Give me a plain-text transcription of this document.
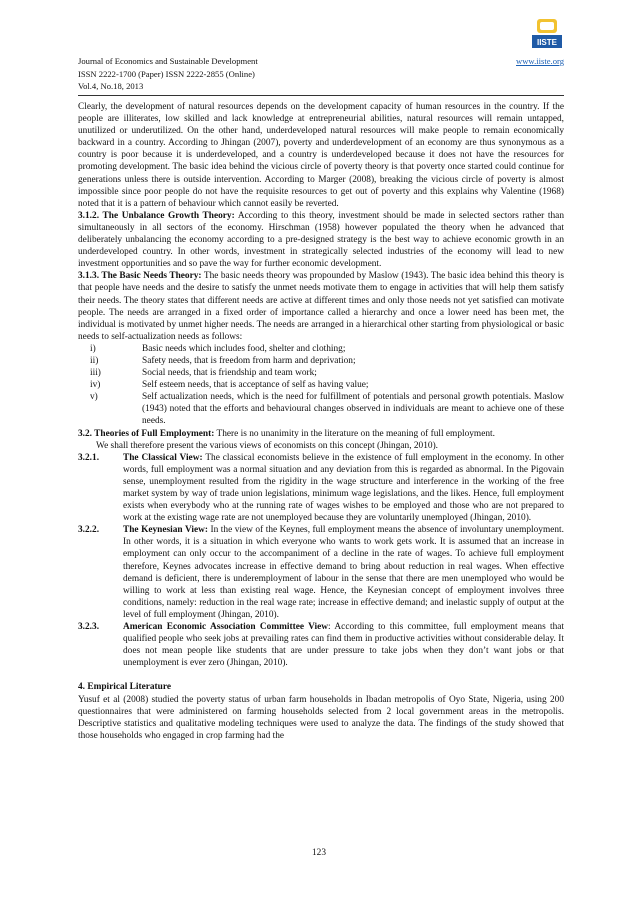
Journal of Economics and Sustainable Development
ISSN 2222-1700 (Paper) ISSN 2222-2855 (Online)
Vol.4, No.18, 2013
www.iiste.org
IISTE

Clearly, the development of natural resources depends on the development capacity of human resources in the country. If the people are illiterates, low skilled and lack knowledge at entrepreneurial abilities, natural resources will remain untapped, unutilized or underutilized. On the other hand, underdeveloped natural resources will make people to remain economically backward in a country. According to Jhingan (2007), poverty and underdevelopment of an economy are thus synonymous as a country is poor because it is underdeveloped, and a country is underdeveloped because it does not have the resources for promoting development. The basic idea behind the vicious circle of poverty theory is that poverty once started could continue for generations unless there is outside intervention. According to Marger (2008), breaking the vicious circle of poverty is almost impossible since poor people do not have the requisite resources to get out of poverty and this explains why Valentine (1968) noted that it is a pattern of behaviour which cannot easily be reverted.

3.1.2. The Unbalance Growth Theory: According to this theory, investment should be made in selected sectors rather than simultaneously in all sectors of the economy. Hirschman (1958) however populated the theory when he advanced that deliberately unbalancing the economy according to a pre-designed strategy is the best way to achieve economic growth in an underdeveloped country. In other words, investment in strategically selected industries of the economy will lead to new investment opportunities and so pave the way for further economic development.

3.1.3. The Basic Needs Theory: The basic needs theory was propounded by Maslow (1943). The basic idea behind this theory is that people have needs and the desire to satisfy the unmet needs motivate them to engage in activities that will help them satisfy their needs. The theory states that different needs are active at different times and only those needs not yet satisfied can motivate people. The needs are arranged in a fixed order of importance called a hierarchy and once a lower need has been met, the individual is motivated by unmet higher needs. The needs are arranged in a hierarchical other starting from physiological or basic needs to self-actualization needs as follows:

i)	Basic needs which includes food, shelter and clothing;
ii)	Safety needs, that is freedom from harm and deprivation;
iii)	Social needs, that is friendship and team work;
iv)	Self esteem needs, that is acceptance of self as having value;
v)	Self actualization needs, which is the need for fulfillment of potentials and personal growth potentials. Maslow (1943) noted that the efforts and behavioural changes observed in individuals are meant to achieve one of these needs.

3.2. Theories of Full Employment: There is no unanimity in the literature on the meaning of full employment.

We shall therefore present the various views of economists on this concept (Jhingan, 2010).

3.2.1.	The Classical View: The classical economists believe in the existence of full employment in the economy. In other words, full employment was a normal situation and any deviation from this is regarded as abnormal. In the Pigovain sense, unemployment resulted from the rigidity in the wage structure and interference in the working of the free market system by way of trade union legislations, minimum wage legislations, and the likes. Hence, full employment exists when everybody who at the running rate of wages wishes to be employed and those who are not prepared to work at the existing wage rate are not unemployed because they are voluntarily unemployed (Jhingan, 2010).
3.2.2.	The Keynesian View: In the view of the Keynes, full employment means the absence of involuntary unemployment. In other words, it is a situation in which everyone who wants to work gets work. It is assumed that an increase in employment can only occur to the accompaniment of a decline in the rate of wages. To achieve full employment therefore, Keynes advocates increase in effective demand to bring about reduction in real wages. When effective demand is deficient, there is underemployment of labour in the sense that there are men unemployed who would be willing to work at less than existing real wage. Hence, the Keynesian concept of employment involves three conditions, namely: reduction in the real wage rate; increase in effective demand; and inelastic supply of output at the level of full employment (Jhingan, 2010).
3.2.3.	American Economic Association Committee View: According to this committee, full employment means that qualified people who seek jobs at prevailing rates can find them in productive activities without considerable delay. It does not mean people like students that are under pressure to take jobs when they don’t want jobs or that unemployment is ever zero (Jhingan, 2010).

4. Empirical Literature

Yusuf et al (2008) studied the poverty status of urban farm households in Ibadan metropolis of Oyo State, Nigeria, using 200 questionnaires that were administered on farming households selected from 2 local government areas in the metropolis. Descriptive statistics and qualitative modeling techniques were used to analyze the data. The findings of the study showed that those households who engaged in crop farming had the

123
